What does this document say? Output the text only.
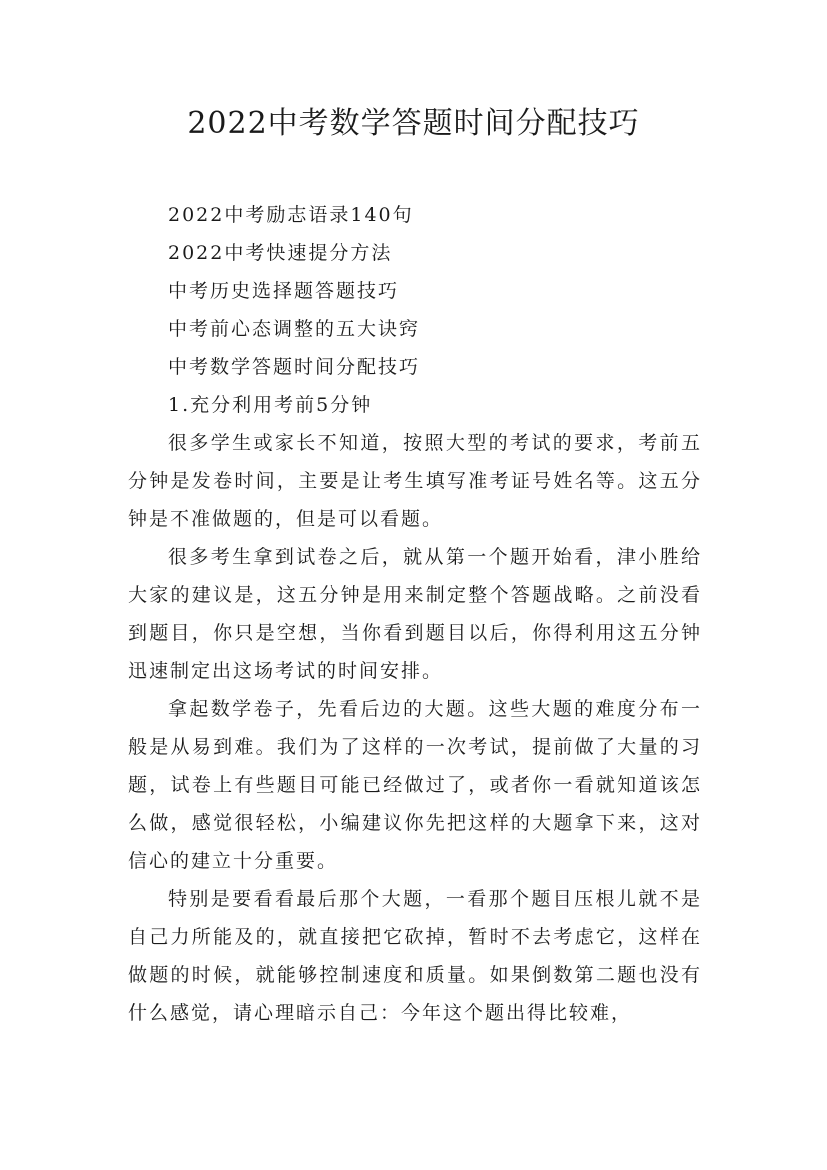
2022中考数学答题时间分配技巧
2022中考励志语录140句
2022中考快速提分方法
中考历史选择题答题技巧
中考前心态调整的五大诀窍
中考数学答题时间分配技巧
1.充分利用考前5分钟

很多学生或家长不知道，按照大型的考试的要求，考前五分钟是发卷时间，主要是让考生填写准考证号姓名等。这五分钟是不准做题的，但是可以看题。

很多考生拿到试卷之后，就从第一个题开始看，津小胜给大家的建议是，这五分钟是用来制定整个答题战略。之前没看到题目，你只是空想，当你看到题目以后，你得利用这五分钟迅速制定出这场考试的时间安排。

拿起数学卷子，先看后边的大题。这些大题的难度分布一般是从易到难。我们为了这样的一次考试，提前做了大量的习题，试卷上有些题目可能已经做过了，或者你一看就知道该怎么做，感觉很轻松，小编建议你先把这样的大题拿下来，这对信心的建立十分重要。

特别是要看看最后那个大题，一看那个题目压根儿就不是自己力所能及的，就直接把它砍掉，暂时不去考虑它，这样在做题的时候，就能够控制速度和质量。如果倒数第二题也没有什么感觉，请心理暗示自己：今年这个题出得比较难，
